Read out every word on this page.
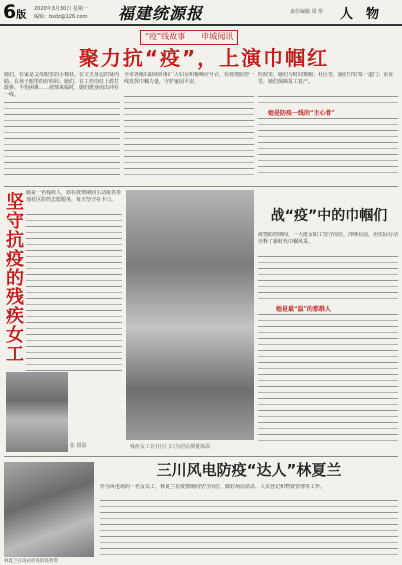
6版
2020年3月30日 星期一
编辑：bsdz@126.com 福建统源报	责任编辑 周 彤 人　物
“疫”线故事　　申城闻讯
聚力抗“疫”，上演巾帼红
她们，在家是父母眼里的小棉袄、在丈夫身边的贤内助、在孩子眼里的好妈妈；她们，在工作岗位上敢打敢拼、不怕困难……疫情来临时，她们挺身而出冲在一线。
全市各级妇联组织和广大妇女积极响应号召，在疫情防控一线发挥巾帼力量，守护家园平安。
医院里，她们与时间赛跑；社区里，她们守好每一道门；企业里，她们保障复工复产。
她是防疫一线的“主心骨”
坚守抗疫的残疾女工 她是一名残疾人，却在疫情期间主动报名参加社区防控志愿服务，每天坚守在卡口。
张 摄影	残疾女工在社区门口为居民测量体温
战“疫”中的巾帼们
疫情防控期间，一大批女职工坚守岗位、冲锋在前，用实际行动诠释了新时代巾帼风采。
她是最“温”的那群人
三川风电防疫“达人”林夏兰
林夏兰在场站检查防疫物资
作为风电场的一名女员工，林夏兰在疫情期间坚守岗位，做好场站消杀、人员登记和物资管理等工作。
